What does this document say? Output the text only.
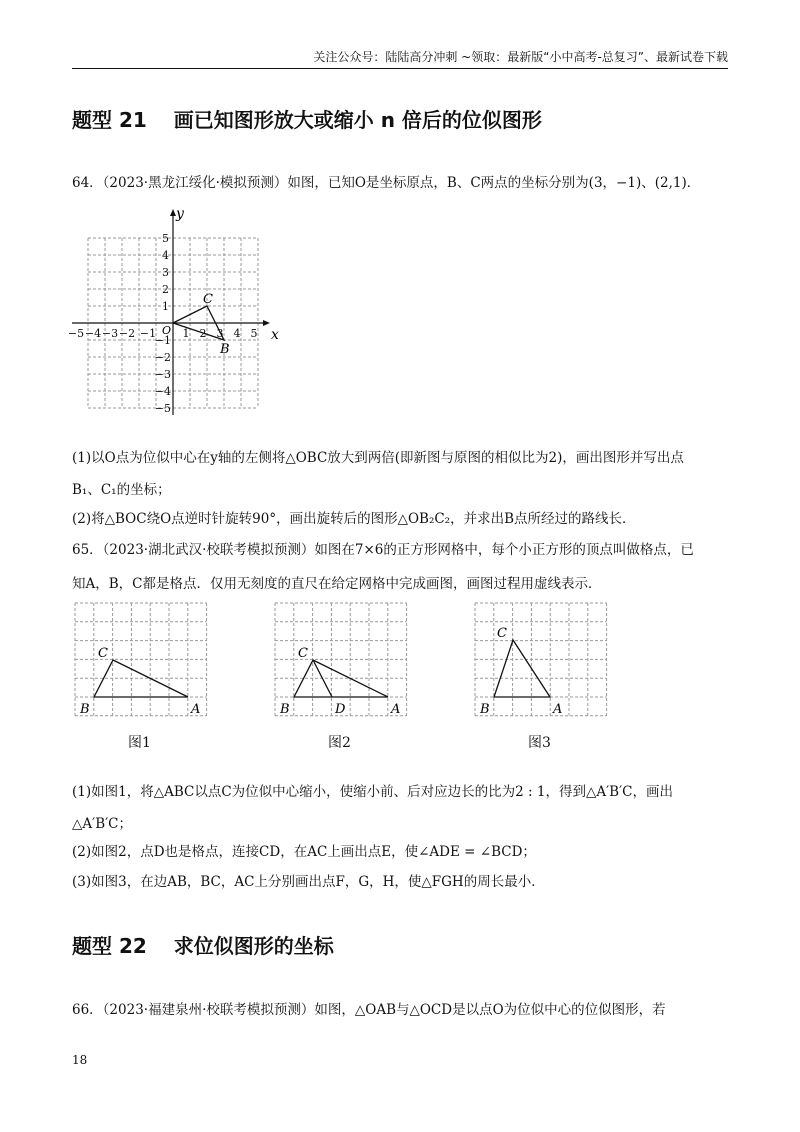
关注公众号：陆陆高分冲刺 ~领取：最新版“小中高考-总复习”、最新试卷下载
题型 21　 画已知图形放大或缩小 n 倍后的位似图形
64．（2023·黑龙江绥化·模拟预测）如图，已知O是坐标原点，B、C两点的坐标分别为(3，−1)、(2,1)．
x
y
O
−5 −4 −3 −2 −1 1 2 3 4 5
5
4
3
2
1
−1
−2
−3
−4
−5
C
B
(1)以O点为位似中心在y轴的左侧将△OBC放大到两倍(即新图与原图的相似比为2)，画出图形并写出点
B₁、C₁的坐标；
(2)将△BOC绕O点逆时针旋转90°，画出旋转后的图形△OB₂C₂，并求出B点所经过的路线长．
65．（2023·湖北武汉·校联考模拟预测）如图在7×6的正方形网格中，每个小正方形的顶点叫做格点，已
知A，B，C都是格点．仅用无刻度的直尺在给定网格中完成画图，画图过程用虚线表示．
C
B	A
C
B	D	A
C
B	A
图1	图2	图3
(1)如图1，将△ABC以点C为位似中心缩小，使缩小前、后对应边长的比为2 : 1，得到△A′B′C，画出
△A′B′C；
(2)如图2，点D也是格点，连接CD，在AC上画出点E，使∠ADE = ∠BCD；
(3)如图3，在边AB，BC，AC上分别画出点F，G，H，使△FGH的周长最小．
题型 22　 求位似图形的坐标
66．（2023·福建泉州·校联考模拟预测）如图，△OAB与△OCD是以点O为位似中心的位似图形，若
18
